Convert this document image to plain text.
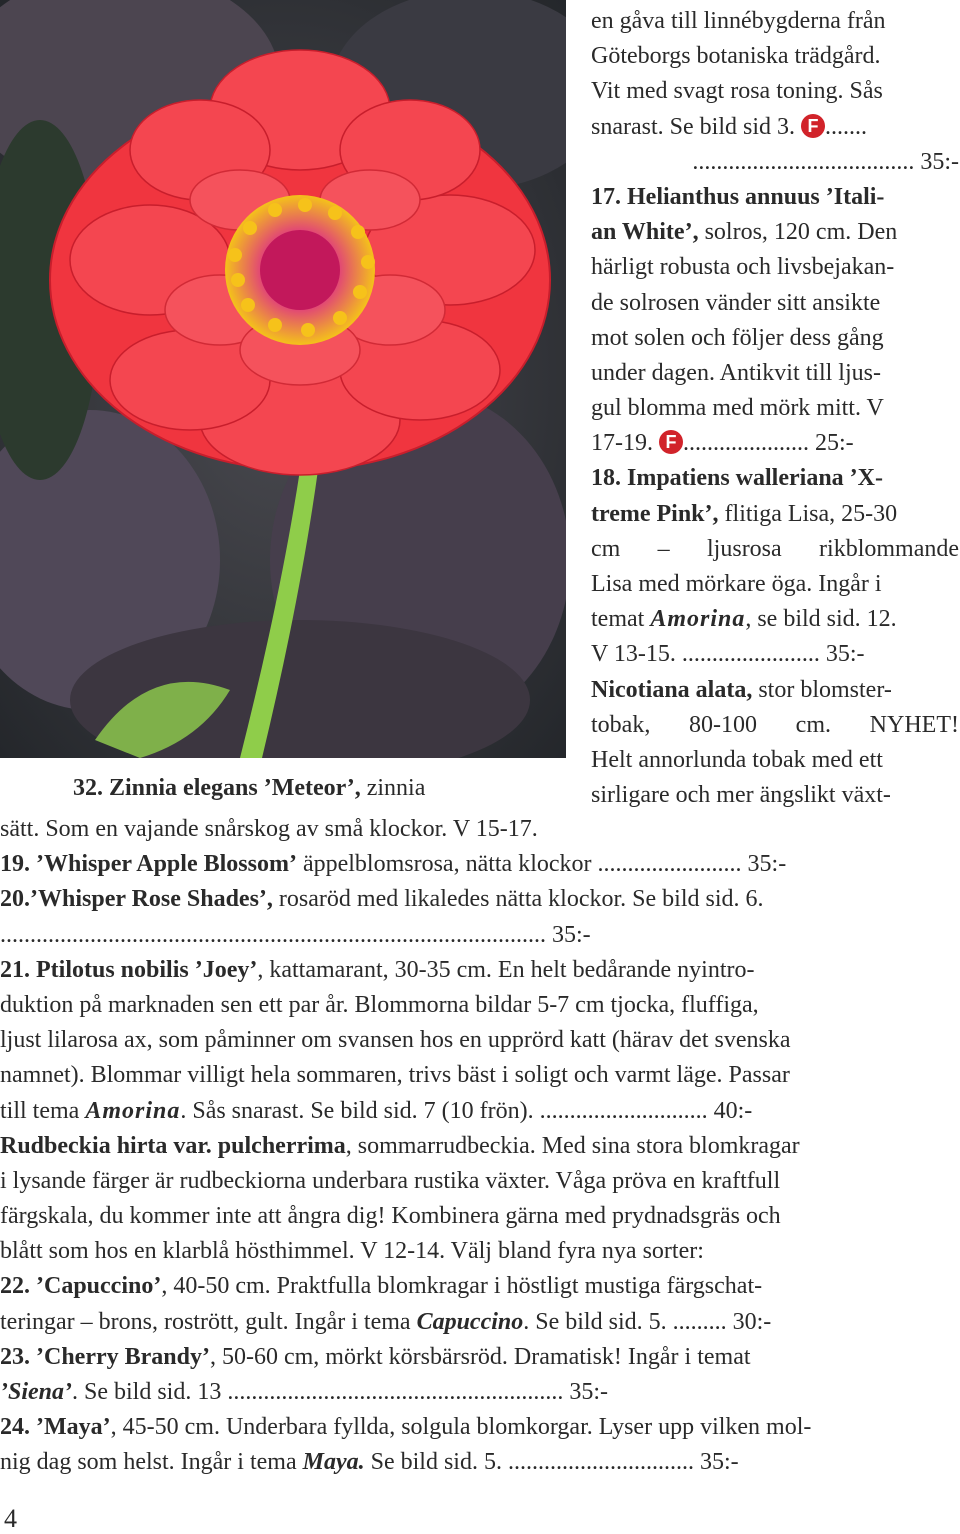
en gåva till linnébygderna från
Göteborgs botaniska trädgård.
Vit med svagt rosa toning. Sås
snarast. Se bild sid 3. F .......
..................................... 35:-
17. Helianthus annuus ’Itali-
an White’, solros, 120 cm. Den
härligt robusta och livsbejakan-
de solrosen vänder sitt ansikte
mot solen och följer dess gång
under dagen. Antikvit till ljus-
gul blomma med mörk mitt. V
17-19. F ..................... 25:-
18. Impatiens walleriana ’X-
treme Pink’, flitiga Lisa, 25-30
cm – ljusrosa rikblommande
Lisa med mörkare öga. Ingår i
temat Amorina, se bild sid. 12.
V 13-15. ....................... 35:-
Nicotiana alata, stor blomster-
tobak, 80-100 cm. NYHET!
Helt annorlunda tobak med ett
sirligare och mer ängslikt växt-
32. Zinnia elegans ’Meteor’, zinnia
sätt. Som en vajande snårskog av små klockor. V 15-17.
19. ’Whisper Apple Blossom’ äppelblomsrosa, nätta klockor ........................ 35:-
20.’Whisper Rose Shades’, rosaröd med likaledes nätta klockor. Se bild sid. 6.
........................................................................................... 35:-
21. Ptilotus nobilis ’Joey’, kattamarant, 30-35 cm. En helt bedårande nyintro-
duktion på marknaden sen ett par år. Blommorna bildar 5-7 cm tjocka, fluffiga,
ljust lilarosa ax, som påminner om svansen hos en upprörd katt (härav det svenska
namnet). Blommar villigt hela sommaren, trivs bäst i soligt och varmt läge. Passar
till tema Amorina. Sås snarast. Se bild sid. 7 (10 frön). ............................ 40:-
Rudbeckia hirta var. pulcherrima, sommarrudbeckia. Med sina stora blomkragar
i lysande färger är rudbeckiorna underbara rustika växter. Våga pröva en kraftfull
färgskala, du kommer inte att ångra dig! Kombinera gärna med prydnadsgräs och
blått som hos en klarblå hösthimmel. V 12-14. Välj bland fyra nya sorter:
22. ’Capuccino’, 40-50 cm. Praktfulla blomkragar i höstligt mustiga färgschat-
teringar – brons, rostrött, gult. Ingår i tema Capuccino. Se bild sid. 5. ......... 30:-
23. ’Cherry Brandy’, 50-60 cm, mörkt körsbärsröd. Dramatisk! Ingår i temat
’Siena’. Se bild sid. 13 ........................................................ 35:-
24. ’Maya’, 45-50 cm. Underbara fyllda, solgula blomkorgar. Lyser upp vilken mol-
nig dag som helst. Ingår i tema Maya. Se bild sid. 5. ............................... 35:-
4
